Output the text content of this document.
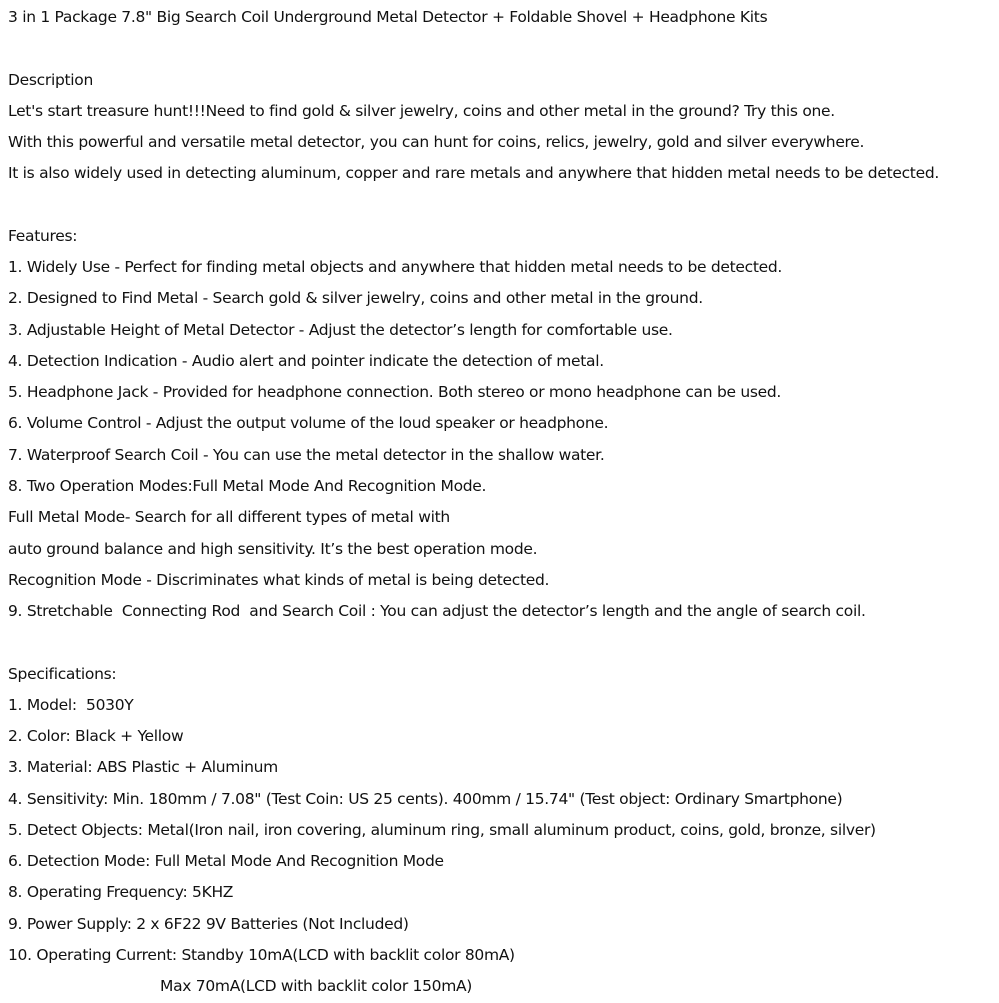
3 in 1 Package 7.8" Big Search Coil Underground Metal Detector + Foldable Shovel + Headphone Kits
Description
Let's start treasure hunt!!!Need to find gold & silver jewelry, coins and other metal in the ground? Try this one.
With this powerful and versatile metal detector, you can hunt for coins, relics, jewelry, gold and silver everywhere.
It is also widely used in detecting aluminum, copper and rare metals and anywhere that hidden metal needs to be detected.
Features:
1. Widely Use - Perfect for finding metal objects and anywhere that hidden metal needs to be detected.
2. Designed to Find Metal - Search gold & silver jewelry, coins and other metal in the ground.
3. Adjustable Height of Metal Detector - Adjust the detector’s length for comfortable use.
4. Detection Indication - Audio alert and pointer indicate the detection of metal.
5. Headphone Jack - Provided for headphone connection. Both stereo or mono headphone can be used.
6. Volume Control - Adjust the output volume of the loud speaker or headphone.
7. Waterproof Search Coil - You can use the metal detector in the shallow water.
8. Two Operation Modes:Full Metal Mode And Recognition Mode.
Full Metal Mode- Search for all different types of metal with
auto ground balance and high sensitivity. It’s the best operation mode.
Recognition Mode - Discriminates what kinds of metal is being detected.
9. Stretchable  Connecting Rod  and Search Coil : You can adjust the detector’s length and the angle of search coil.
Specifications:
1. Model:  5030Y
2. Color: Black + Yellow
3. Material: ABS Plastic + Aluminum
4. Sensitivity: Min. 180mm / 7.08" (Test Coin: US 25 cents). 400mm / 15.74" (Test object: Ordinary Smartphone)
5. Detect Objects: Metal(Iron nail, iron covering, aluminum ring, small aluminum product, coins, gold, bronze, silver)
6. Detection Mode: Full Metal Mode And Recognition Mode
8. Operating Frequency: 5KHZ
9. Power Supply: 2 x 6F22 9V Batteries (Not Included)
10. Operating Current: Standby 10mA(LCD with backlit color 80mA)
Max 70mA(LCD with backlit color 150mA)
